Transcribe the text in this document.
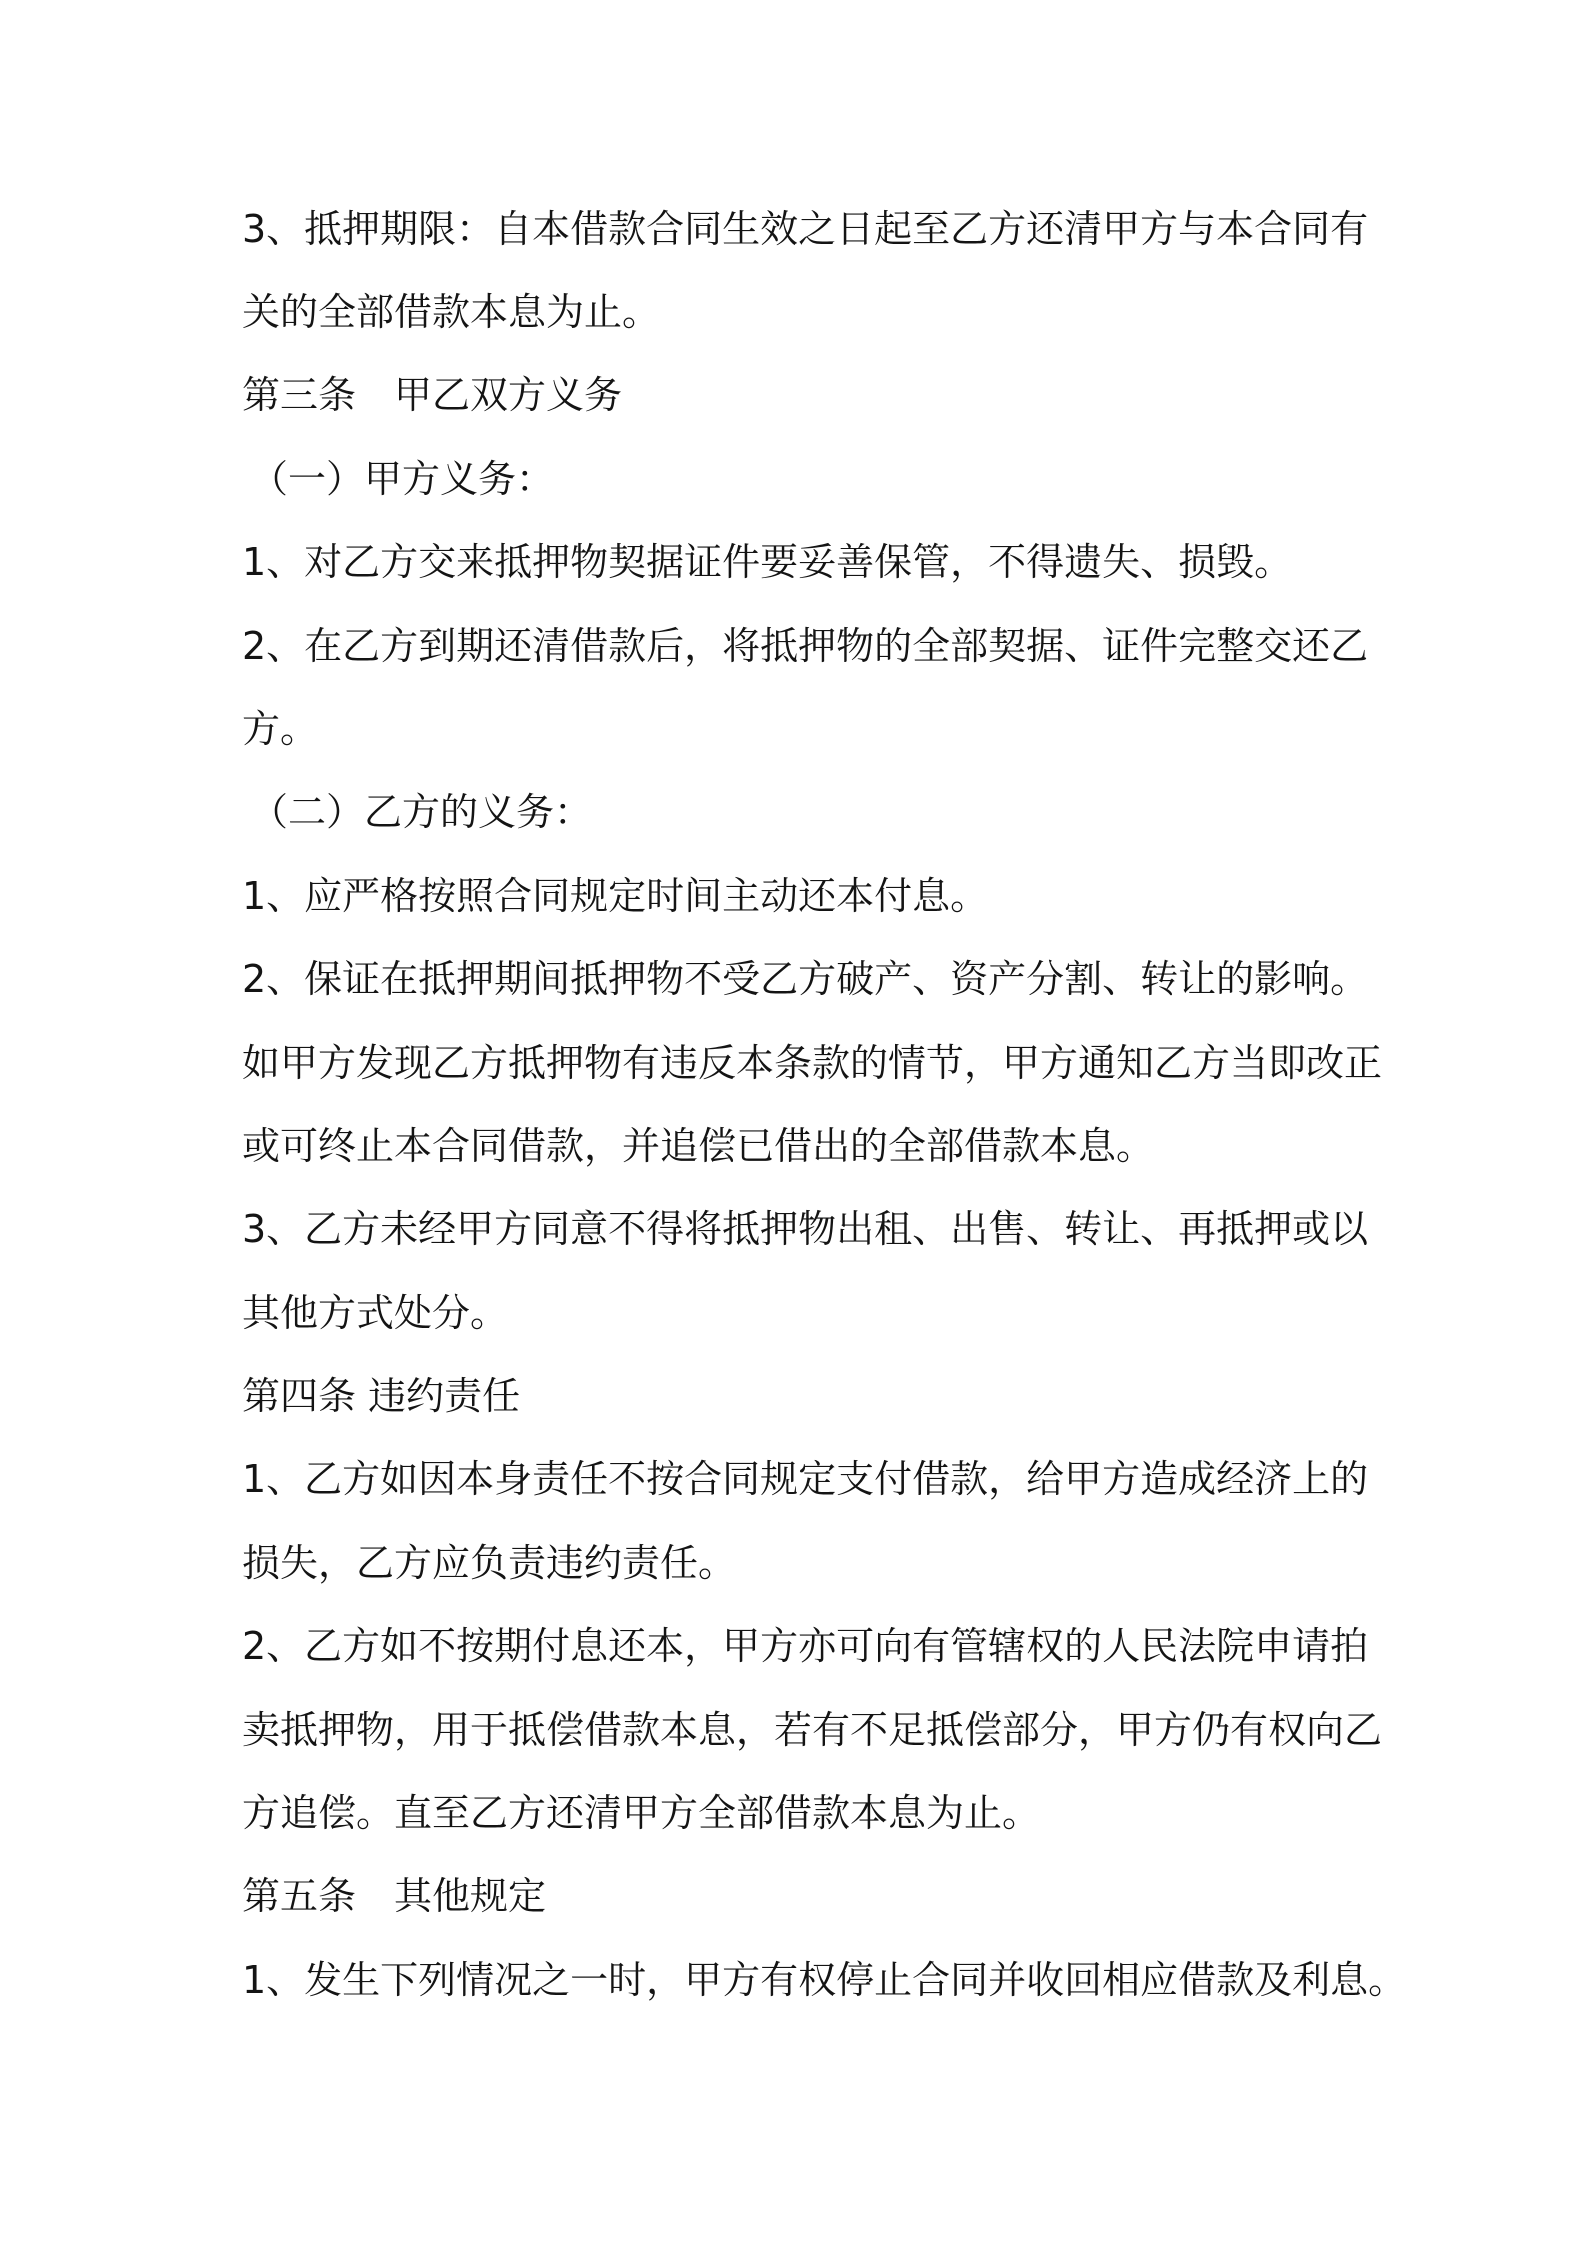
3、抵押期限：自本借款合同生效之日起至乙方还清甲方与本合同有
关的全部借款本息为止。
第三条　甲乙双方义务
（一）甲方义务：
1、对乙方交来抵押物契据证件要妥善保管，不得遗失、损毁。
2、在乙方到期还清借款后，将抵押物的全部契据、证件完整交还乙
方。
（二）乙方的义务：
1、应严格按照合同规定时间主动还本付息。
2、保证在抵押期间抵押物不受乙方破产、资产分割、转让的影响。
如甲方发现乙方抵押物有违反本条款的情节，甲方通知乙方当即改正
或可终止本合同借款，并追偿已借出的全部借款本息。
3、乙方未经甲方同意不得将抵押物出租、出售、转让、再抵押或以
其他方式处分。
第四条 违约责任
1、乙方如因本身责任不按合同规定支付借款，给甲方造成经济上的
损失，乙方应负责违约责任。
2、乙方如不按期付息还本，甲方亦可向有管辖权的人民法院申请拍
卖抵押物，用于抵偿借款本息，若有不足抵偿部分，甲方仍有权向乙
方追偿。直至乙方还清甲方全部借款本息为止。
第五条　其他规定
1、发生下列情况之一时，甲方有权停止合同并收回相应借款及利息。
